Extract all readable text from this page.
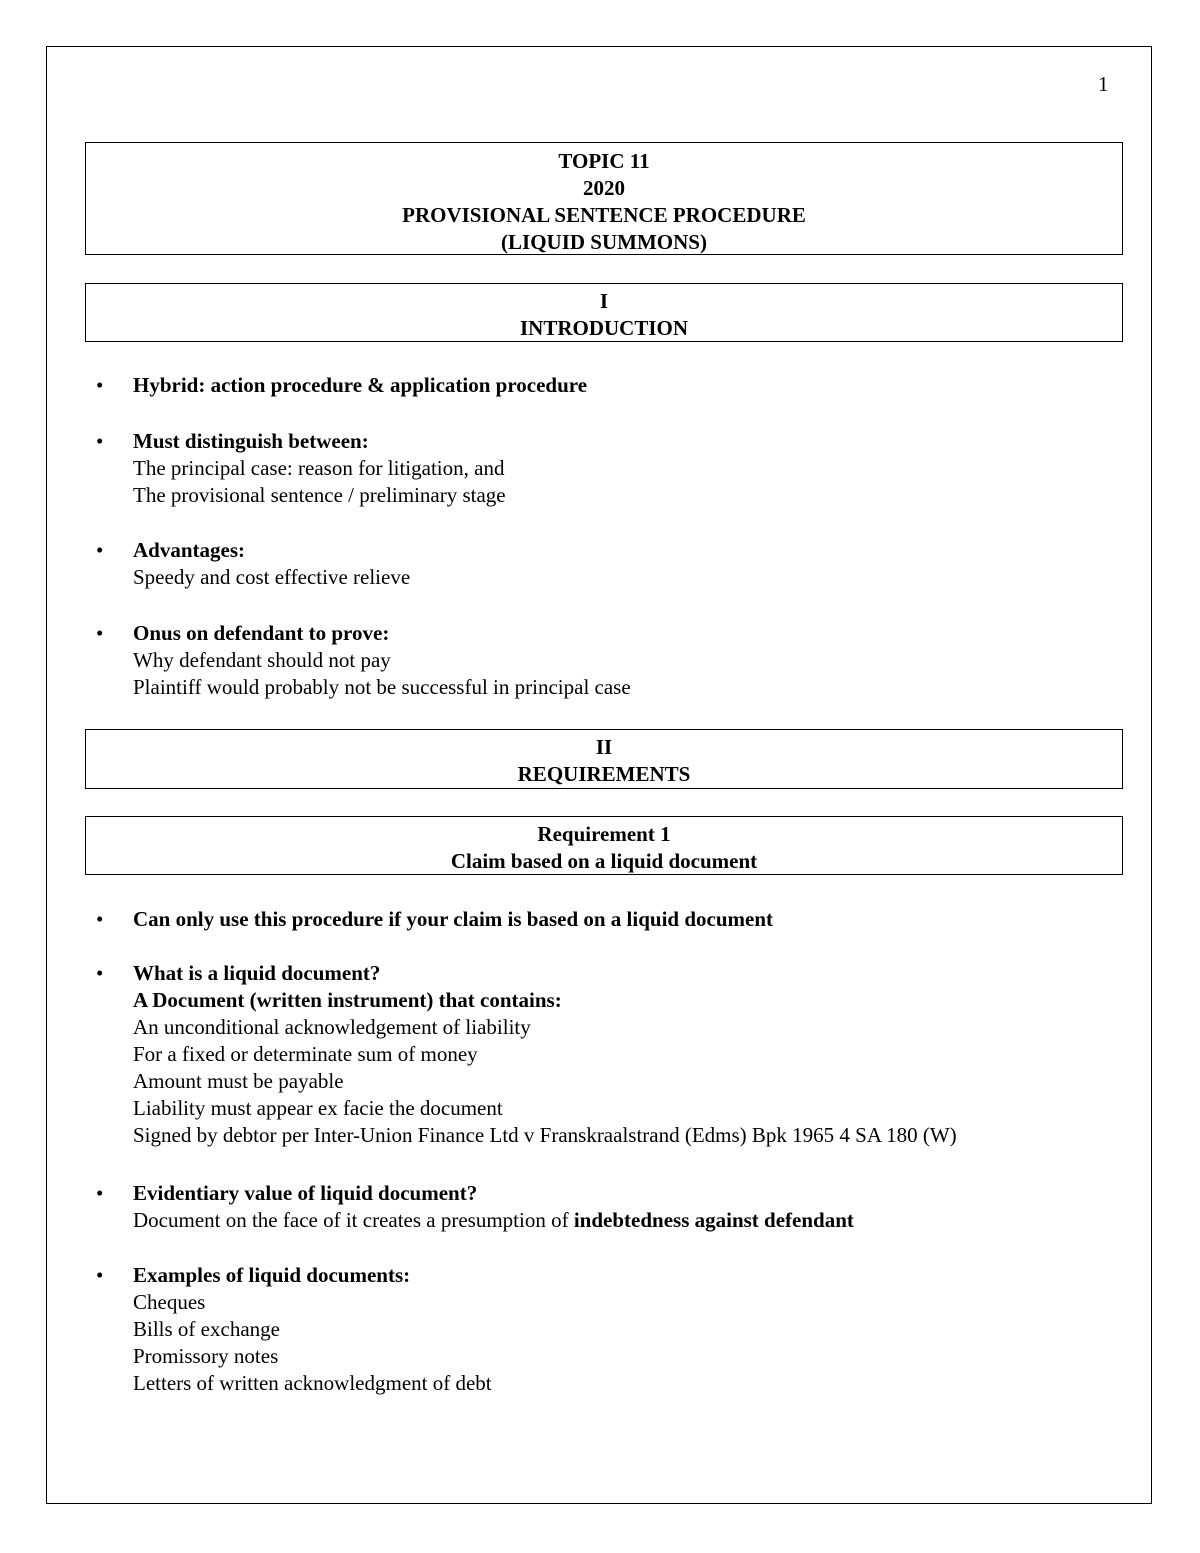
1
TOPIC 11
2020
PROVISIONAL SENTENCE PROCEDURE
(LIQUID SUMMONS)
I
INTRODUCTION
•	Hybrid: action procedure & application procedure
•	Must distinguish between:
The principal case: reason for litigation, and
The provisional sentence / preliminary stage
•	Advantages:
Speedy and cost effective relieve
•	Onus on defendant to prove:
Why defendant should not pay
Plaintiff would probably not be successful in principal case
II
REQUIREMENTS
Requirement 1
Claim based on a liquid document
•	Can only use this procedure if your claim is based on a liquid document
•	What is a liquid document?
A Document (written instrument) that contains:
An unconditional acknowledgement of liability
For a fixed or determinate sum of money
Amount must be payable
Liability must appear ex facie the document
Signed by debtor per Inter-Union Finance Ltd v Franskraalstrand (Edms) Bpk 1965 4 SA 180 (W)
•	Evidentiary value of liquid document?
Document on the face of it creates a presumption of indebtedness against defendant
•	Examples of liquid documents:
Cheques
Bills of exchange
Promissory notes
Letters of written acknowledgment of debt
